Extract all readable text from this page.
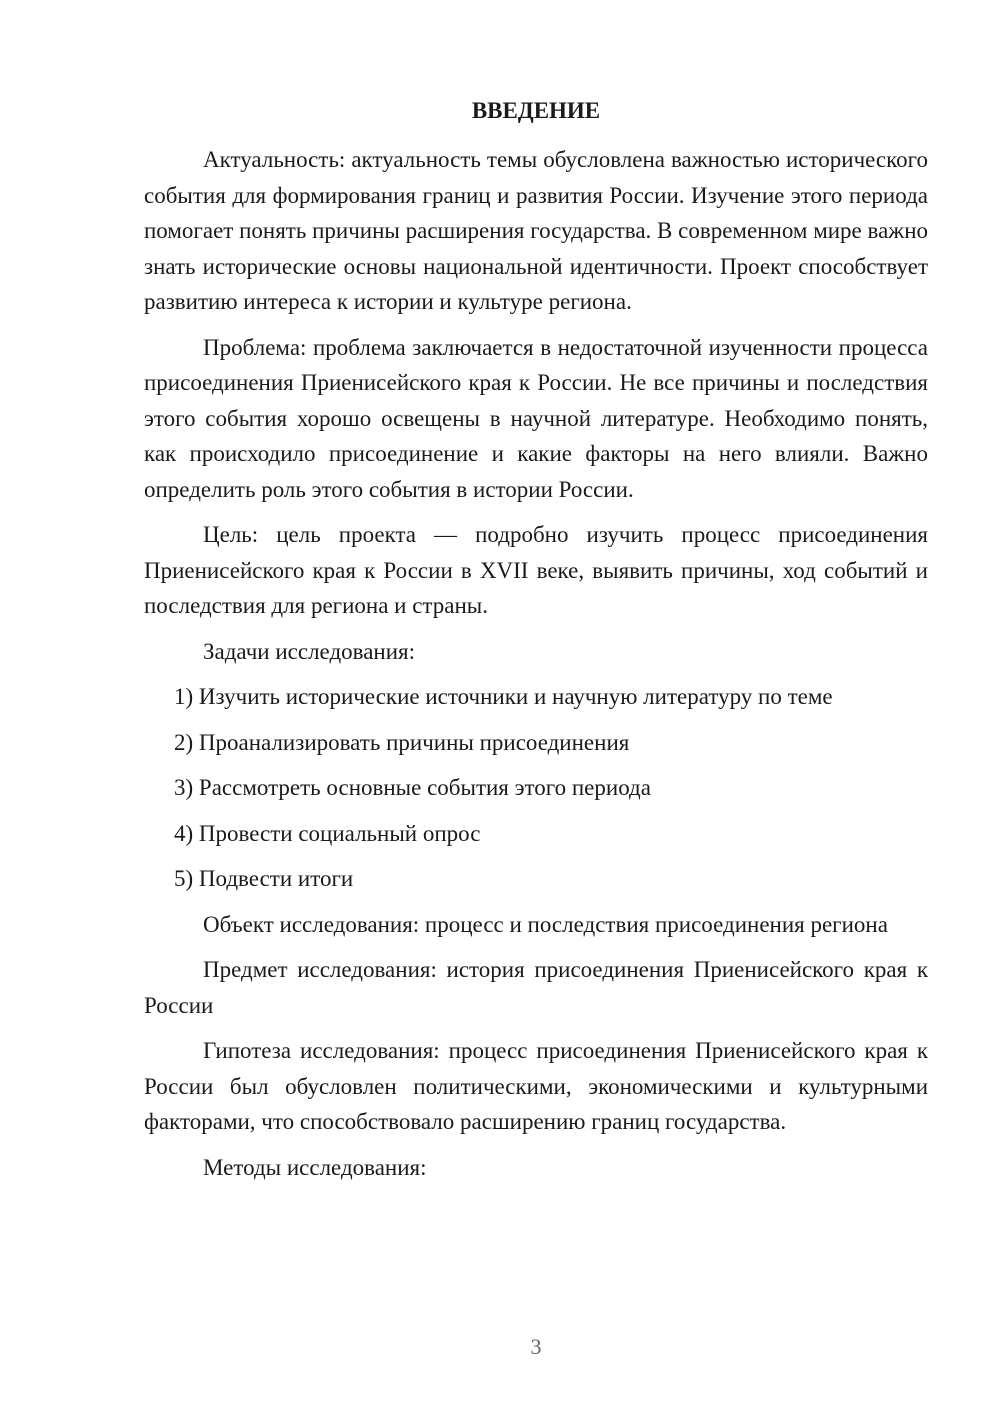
ВВЕДЕНИЕ

Актуальность: актуальность темы обусловлена важностью исторического события для формирования границ и развития России. Изучение этого периода помогает понять причины расширения государства. В современном мире важно знать исторические основы национальной идентичности. Проект способствует развитию интереса к истории и культуре региона.

Проблема: проблема заключается в недостаточной изученности процесса присоединения Приенисейского края к России. Не все причины и последствия этого события хорошо освещены в научной литературе. Необходимо понять, как происходило присоединение и какие факторы на него влияли. Важно определить роль этого события в истории России.

Цель: цель проекта — подробно изучить процесс присоединения Приенисейского края к России в XVII веке, выявить причины, ход событий и последствия для региона и страны.

Задачи исследования:

1) Изучить исторические источники и научную литературу по теме

2) Проанализировать причины присоединения

3) Рассмотреть основные события этого периода

4) Провести социальный опрос

5) Подвести итоги

Объект исследования: процесс и последствия присоединения региона

Предмет исследования: история присоединения Приенисейского края к России

Гипотеза исследования: процесс присоединения Приенисейского края к России был обусловлен политическими, экономическими и культурными факторами, что способствовало расширению границ государства.

Методы исследования:

3
